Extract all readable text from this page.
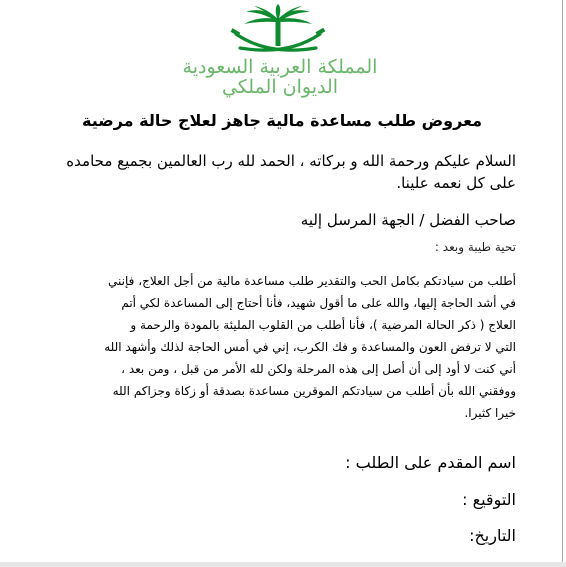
المملكة العربية السعودية
الديوان الملكي
معروض طلب مساعدة مالية جاهز لعلاج حالة مرضية
السلام عليكم ورحمة الله و بركاته ، الحمد لله رب العالمين بجميع محامده
على كل نعمه علينا.
صاحب الفضل / الجهة المرسل إليه
تحية طيبة وبعد :
أطلب من سيادتكم بكامل الحب والتقدير طلب مساعدة مالية من أجل العلاج، فإنني
في أشد الحاجة إليها، والله على ما أقول شهيد، فأنا أحتاج إلى المساعدة لكي أتم
العلاج ( ذكر الحالة المرضية )، فأنا أطلب من القلوب المليئة بالمودة والرحمة و
التي لا ترفض العون والمساعدة و فك الكرب، إني في أمس الحاجة لذلك وأشهد الله
أني كنت لا أود إلى أن أصل إلى هذه المرحلة ولكن لله الأمر من قبل ، ومن بعد ،
ووفقني الله بأن أطلب من سيادتكم الموقرين مساعدة بصدقة أو زكاة وجزاكم الله
خيرا كثيرا.
اسم المقدم على الطلب :
التوقيع :
التاريخ:
